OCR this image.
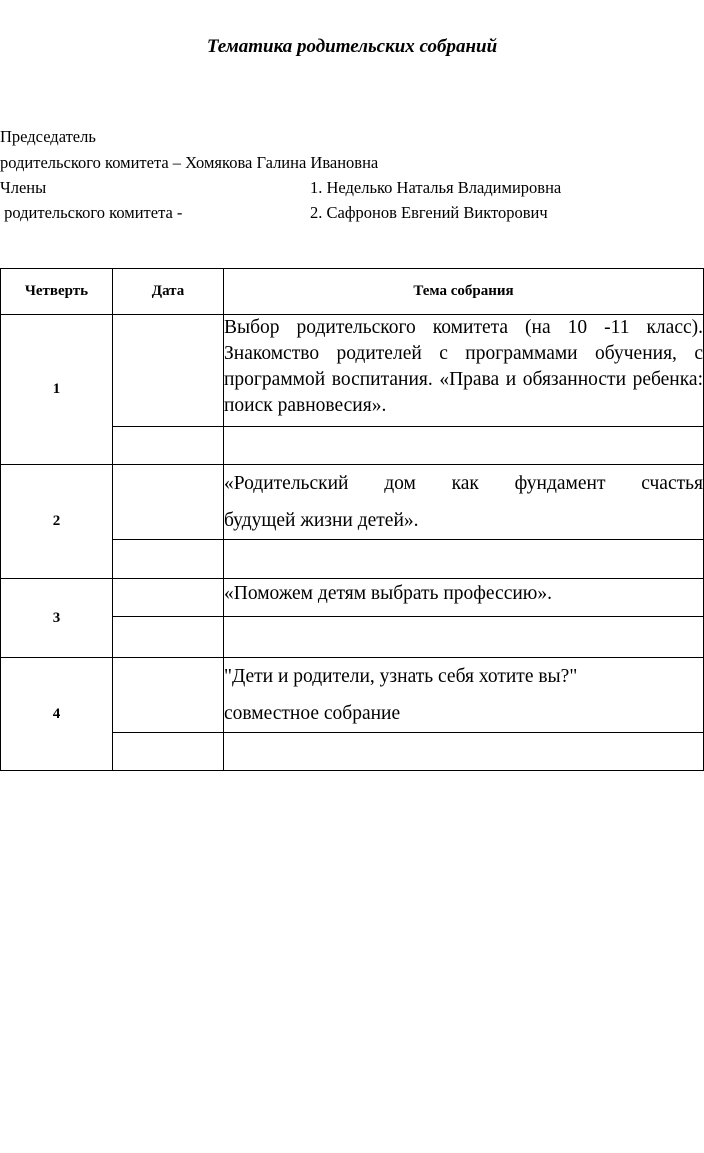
Тематика родительских собраний
Председатель
родительского комитета – Хомякова Галина Ивановна
Члены	1. Неделько Наталья Владимировна
родительского комитета -	2. Сафронов Евгений Викторович
Четверть	Дата	Тема собрания
1		Выбор родительского комитета (на 10 -11 класс). Знакомство родителей с программами обучения, с программой воспитания. «Права и обязанности ребенка: поиск равновесия».

2		«Родительский дом как фундамент счастья
будущей жизни детей».

3		«Поможем детям выбрать профессию».

4		"Дети и родители, узнать себя хотите вы?"
совместное собрание
